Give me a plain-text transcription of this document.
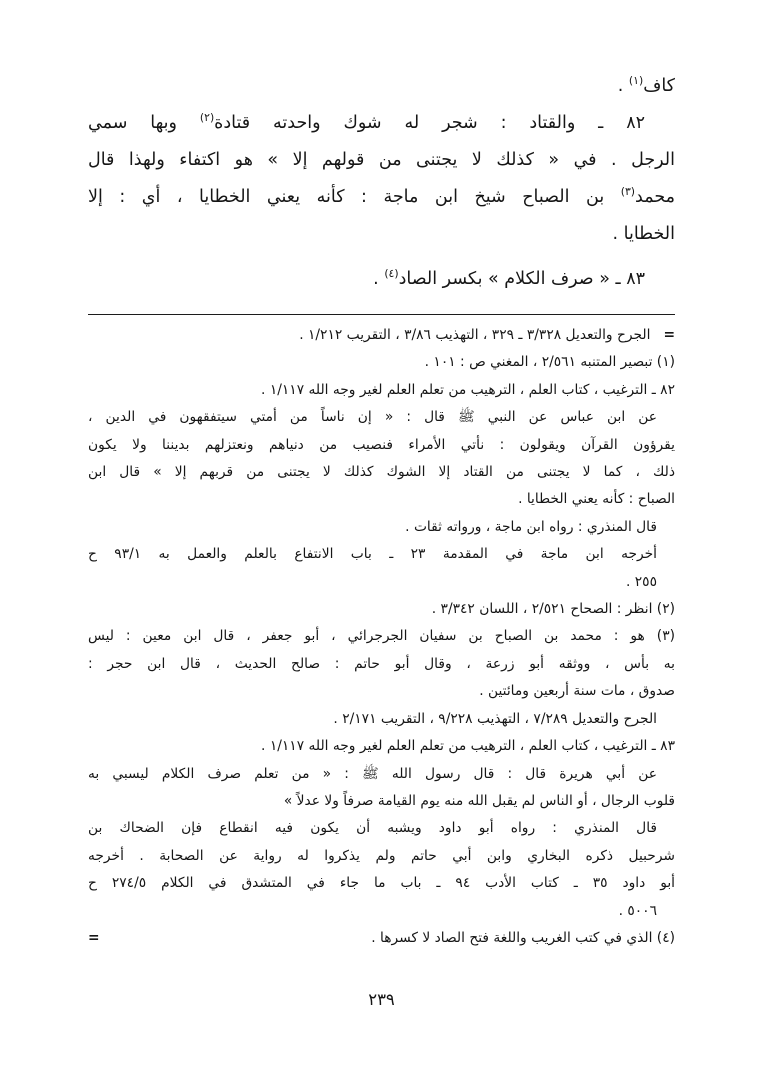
كاف$^{(١)}$ .
٨٢ ـ والقتاد : شجر له شوك واحدته قتادة$^{(٢)}$ وبها سمي
الرجل . في « كذلك لا يجتنى من قولهم إلا » هو اكتفاء ولهذا قال
محمد$^{(٣)}$ بن الصباح شيخ ابن ماجة : كأنه يعني الخطايا ، أي : إلا
الخطايا .
٨٣ ـ « صرف الكلام » بكسر الصاد$^{(٤)}$ .
=الجرح والتعديل ٣/٣٢٨ ـ ٣٢٩ ، التهذيب ٣/٨٦ ، التقريب ١/٢١٢ .
(١) تبصير المتنبه ٢/٥٦١ ، المغني ص : ١٠١ .
٨٢ ـ الترغيب ، كتاب العلم ، الترهيب من تعلم العلم لغير وجه الله ١/١١٧ .
عن ابن عباس عن النبي ﷺ قال : « إن ناساً من أمتي سيتفقهون في الدين ،
يقرؤون القرآن ويقولون : نأتي الأمراء فنصيب من دنياهم ونعتزلهم بديننا ولا يكون
ذلك ، كما لا يجتنى من القتاد إلا الشوك كذلك لا يجتنى من قربهم إلا » قال ابن
الصباح : كأنه يعني الخطايا .
قال المنذري : رواه ابن ماجة ، ورواته ثقات .
أخرجه ابن ماجة في المقدمة ٢٣ ـ باب الانتفاع بالعلم والعمل به ٩٣/١ ح
٢٥٥ .
(٢) انظر : الصحاح ٢/٥٢١ ، اللسان ٣/٣٤٢ .
(٣) هو : محمد بن الصباح بن سفيان الجرجرائي ، أبو جعفر ، قال ابن معين : ليس
به بأس ، ووثقه أبو زرعة ، وقال أبو حاتم : صالح الحديث ، قال ابن حجر :
صدوق ، مات سنة أربعين ومائتين .
الجرح والتعديل ٧/٢٨٩ ، التهذيب ٩/٢٢٨ ، التقريب ٢/١٧١ .
٨٣ ـ الترغيب ، كتاب العلم ، الترهيب من تعلم العلم لغير وجه الله ١/١١٧ .
عن أبي هريرة قال : قال رسول الله ﷺ : « من تعلم صرف الكلام ليسبي به
قلوب الرجال ، أو الناس لم يقبل الله منه يوم القيامة صرفاً ولا عدلاً »
قال المنذري : رواه أبو داود ويشبه أن يكون فيه انقطاع فإن الضحاك بن
شرحبيل ذكره البخاري وابن أبي حاتم ولم يذكروا له رواية عن الصحابة . أخرجه
أبو داود ٣٥ ـ كتاب الأدب ٩٤ ـ باب ما جاء في المتشدق في الكلام ٢٧٤/٥ ح
٥٠٠٦ .
(٤) الذي في كتب الغريب واللغة فتح الصاد لا كسرها .
=
٢٣٩
